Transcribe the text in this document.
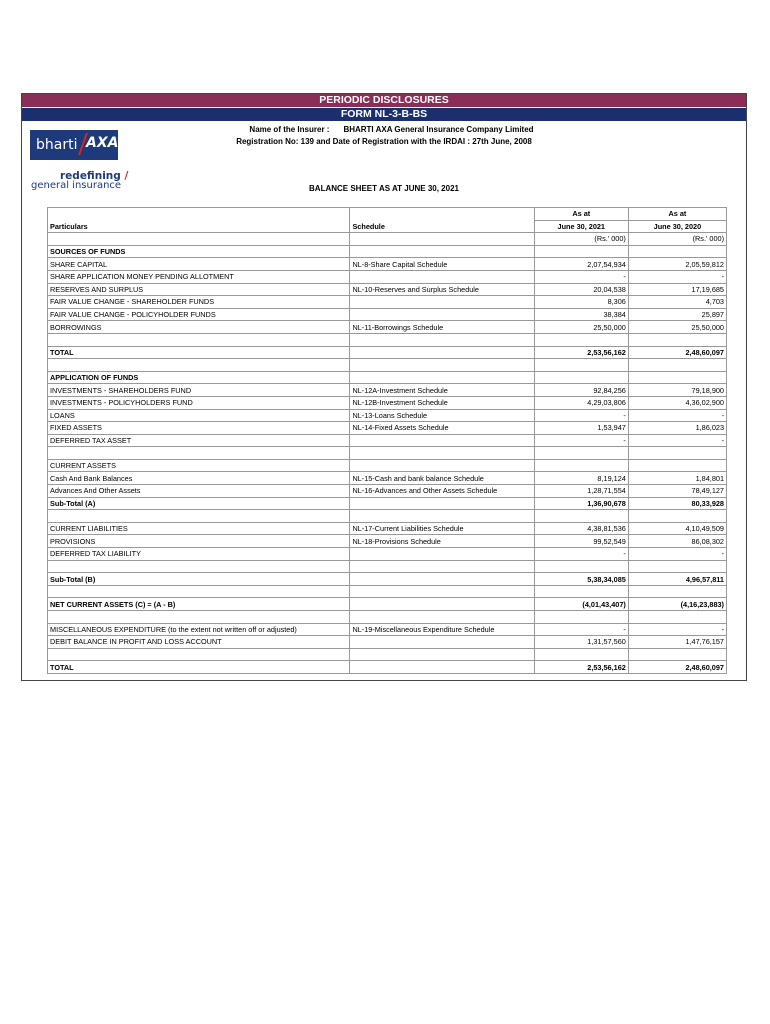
PERIODIC DISCLOSURES
FORM NL-3-B-BS
bharti AXA
redefining /
general insurance
Name of the Insurer : BHARTI AXA General Insurance Company Limited
Registration No: 139 and Date of Registration with the IRDAI : 27th June, 2008
BALANCE SHEET AS AT JUNE 30, 2021
Particulars	Schedule	As at	As at
		June 30, 2021	June 30, 2020
		(Rs.' 000)	(Rs.' 000)
SOURCES OF FUNDS			
SHARE CAPITAL	NL-8-Share Capital Schedule	2,07,54,934	2,05,59,812
SHARE APPLICATION MONEY PENDING ALLOTMENT		-	-
RESERVES AND SURPLUS	NL-10-Reserves and Surplus Schedule	20,04,538	17,19,685
FAIR VALUE CHANGE - SHAREHOLDER FUNDS		8,306	4,703
FAIR VALUE CHANGE - POLICYHOLDER FUNDS		38,384	25,897
BORROWINGS	NL-11-Borrowings Schedule	25,50,000	25,50,000

TOTAL		2,53,56,162	2,48,60,097

APPLICATION OF FUNDS			
INVESTMENTS - SHAREHOLDERS FUND	NL-12A-Investment Schedule	92,84,256	79,18,900
INVESTMENTS - POLICYHOLDERS FUND	NL-12B-Investment Schedule	4,29,03,806	4,36,02,900
LOANS	NL-13-Loans Schedule	-	-
FIXED ASSETS	NL-14-Fixed Assets Schedule	1,53,947	1,86,023
DEFERRED TAX ASSET		-	-

CURRENT ASSETS			
Cash And Bank Balances	NL-15-Cash and bank balance Schedule	8,19,124	1,84,801
Advances And Other Assets	NL-16-Advances and Other Assets Schedule	1,28,71,554	78,49,127
Sub-Total (A)		1,36,90,678	80,33,928

CURRENT LIABILITIES	NL-17-Current Liabilities Schedule	4,38,81,536	4,10,49,509
PROVISIONS	NL-18-Provisions Schedule	99,52,549	86,08,302
DEFERRED TAX LIABILITY		-	-

Sub-Total (B)		5,38,34,085	4,96,57,811

NET CURRENT ASSETS (C) = (A - B)		(4,01,43,407)	(4,16,23,883)

MISCELLANEOUS EXPENDITURE (to the extent not written off or adjusted)	NL-19-Miscellaneous Expenditure Schedule	-	-
DEBIT BALANCE IN PROFIT AND LOSS ACCOUNT		1,31,57,560	1,47,76,157

TOTAL		2,53,56,162	2,48,60,097
